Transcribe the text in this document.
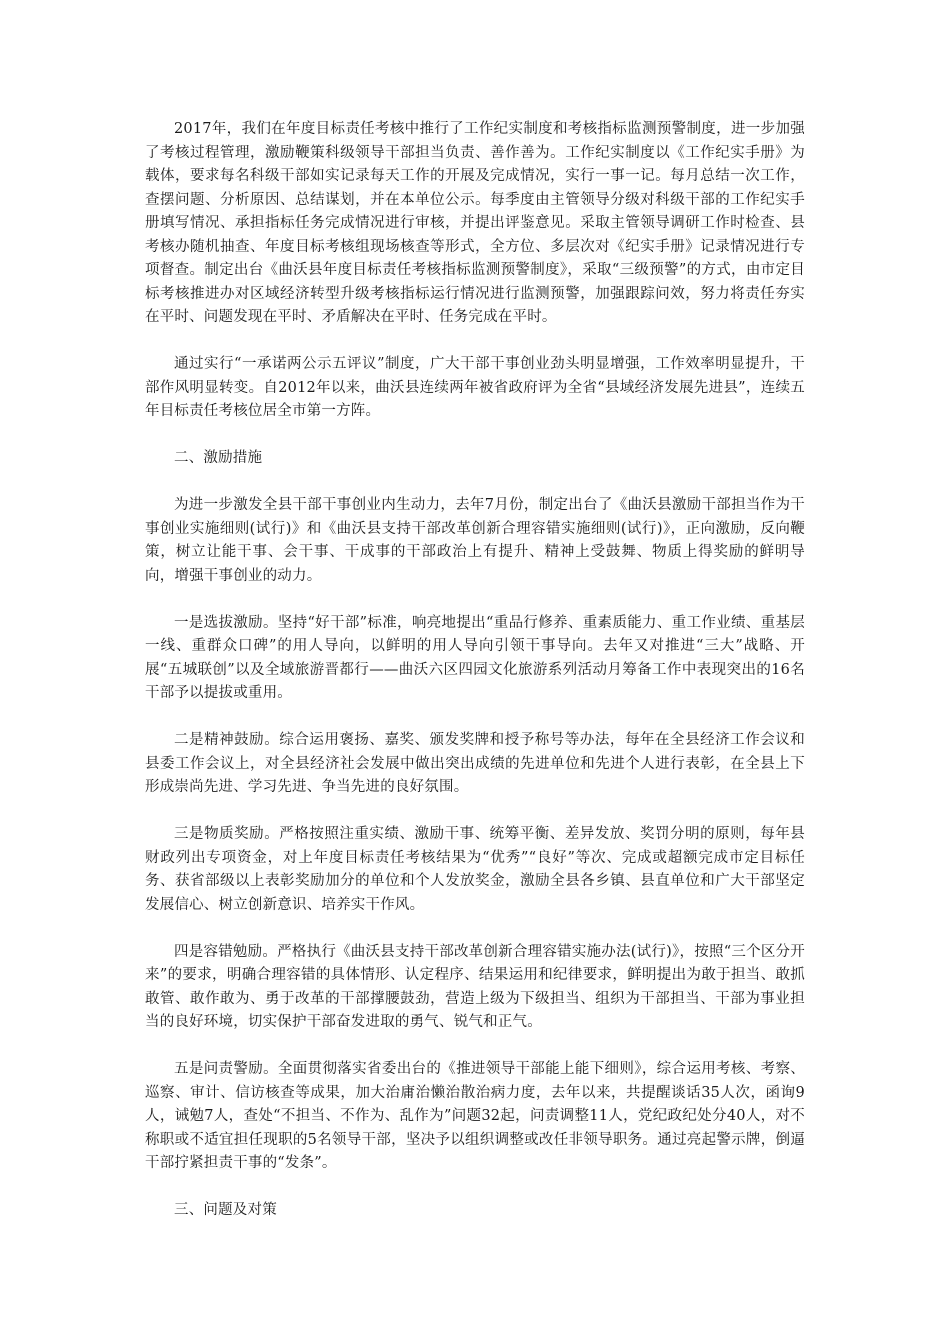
2017年，我们在年度目标责任考核中推行了工作纪实制度和考核指标监测预警制度，进一步加强了考核过程管理，激励鞭策科级领导干部担当负责、善作善为。工作纪实制度以《工作纪实手册》为载体，要求每名科级干部如实记录每天工作的开展及完成情况，实行一事一记。每月总结一次工作，查摆问题、分析原因、总结谋划，并在本单位公示。每季度由主管领导分级对科级干部的工作纪实手册填写情况、承担指标任务完成情况进行审核，并提出评鉴意见。采取主管领导调研工作时检查、县考核办随机抽查、年度目标考核组现场核查等形式，全方位、多层次对《纪实手册》记录情况进行专项督查。制定出台《曲沃县年度目标责任考核指标监测预警制度》，采取“三级预警”的方式，由市定目标考核推进办对区域经济转型升级考核指标运行情况进行监测预警，加强跟踪问效，努力将责任夯实在平时、问题发现在平时、矛盾解决在平时、任务完成在平时。

通过实行“一承诺两公示五评议”制度，广大干部干事创业劲头明显增强，工作效率明显提升，干部作风明显转变。自2012年以来，曲沃县连续两年被省政府评为全省“县域经济发展先进县”，连续五年目标责任考核位居全市第一方阵。

二、激励措施

为进一步激发全县干部干事创业内生动力，去年7月份，制定出台了《曲沃县激励干部担当作为干事创业实施细则(试行)》和《曲沃县支持干部改革创新合理容错实施细则(试行)》，正向激励，反向鞭策，树立让能干事、会干事、干成事的干部政治上有提升、精神上受鼓舞、物质上得奖励的鲜明导向，增强干事创业的动力。

一是选拔激励。坚持“好干部”标准，响亮地提出“重品行修养、重素质能力、重工作业绩、重基层一线、重群众口碑”的用人导向，以鲜明的用人导向引领干事导向。去年又对推进“三大”战略、开展“五城联创”以及全域旅游晋都行——曲沃六区四园文化旅游系列活动月筹备工作中表现突出的16名干部予以提拔或重用。

二是精神鼓励。综合运用褒扬、嘉奖、颁发奖牌和授予称号等办法，每年在全县经济工作会议和县委工作会议上，对全县经济社会发展中做出突出成绩的先进单位和先进个人进行表彰，在全县上下形成崇尚先进、学习先进、争当先进的良好氛围。

三是物质奖励。严格按照注重实绩、激励干事、统筹平衡、差异发放、奖罚分明的原则，每年县财政列出专项资金，对上年度目标责任考核结果为“优秀”“良好”等次、完成或超额完成市定目标任务、获省部级以上表彰奖励加分的单位和个人发放奖金，激励全县各乡镇、县直单位和广大干部坚定发展信心、树立创新意识、培养实干作风。

四是容错勉励。严格执行《曲沃县支持干部改革创新合理容错实施办法(试行)》，按照“三个区分开来”的要求，明确合理容错的具体情形、认定程序、结果运用和纪律要求，鲜明提出为敢于担当、敢抓敢管、敢作敢为、勇于改革的干部撑腰鼓劲，营造上级为下级担当、组织为干部担当、干部为事业担当的良好环境，切实保护干部奋发进取的勇气、锐气和正气。

五是问责警励。全面贯彻落实省委出台的《推进领导干部能上能下细则》，综合运用考核、考察、巡察、审计、信访核查等成果，加大治庸治懒治散治病力度，去年以来，共提醒谈话35人次，函询9人，诫勉7人，查处“不担当、不作为、乱作为”问题32起，问责调整11人，党纪政纪处分40人，对不称职或不适宜担任现职的5名领导干部，坚决予以组织调整或改任非领导职务。通过亮起警示牌，倒逼干部拧紧担责干事的“发条”。

三、问题及对策
